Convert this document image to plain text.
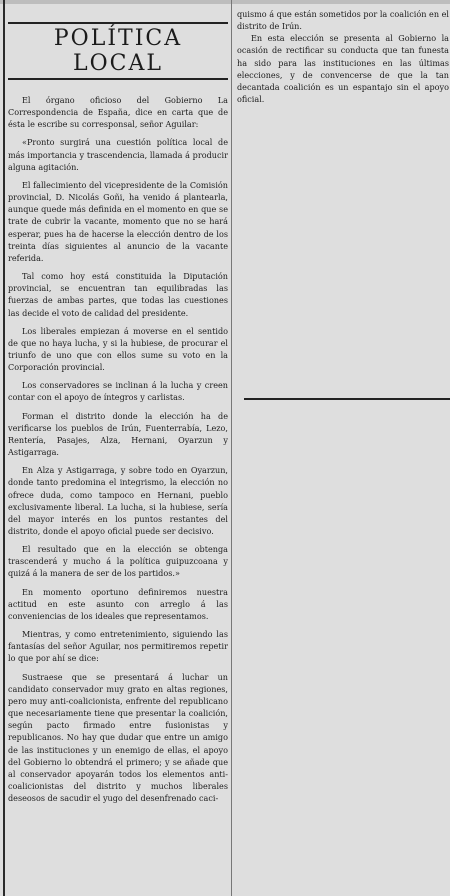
POLÍTICA LOCAL

El órgano oficioso del Gobierno La Correspondencia de España, dice en carta que de ésta le escribe su corresponsal, señor Aguilar:

«Pronto surgirá una cuestión política local de más importancia y trascendencia, llamada á producir alguna agitación.

El fallecimiento del vicepresidente de la Comisión provincial, D. Nicolás Goñi, ha venido á plantearla, aunque quede más definida en el momento en que se trate de cubrir la vacante, momento que no se hará esperar, pues ha de hacerse la elección dentro de los treinta días siguientes al anuncio de la vacante referida.

Tal como hoy está constituida la Diputación provincial, se encuentran tan equilibradas las fuerzas de ambas partes, que todas las cuestiones las decide el voto de calidad del presidente.

Los liberales empiezan á moverse en el sentido de que no haya lucha, y si la hubiese, de procurar el triunfo de uno que con ellos sume su voto en la Corporación provincial.

Los conservadores se inclinan á la lucha y creen contar con el apoyo de íntegros y carlistas.

Forman el distrito donde la elección ha de verificarse los pueblos de Irún, Fuenterrabía, Lezo, Rentería, Pasajes, Alza, Hernani, Oyarzun y Astigarraga.

En Alza y Astigarraga, y sobre todo en Oyarzun, donde tanto predomina el integrismo, la elección no ofrece duda, como tampoco en Hernani, pueblo exclusivamente liberal. La lucha, si la hubiese, sería del mayor interés en los puntos restantes del distrito, donde el apoyo oficial puede ser decisivo.

El resultado que en la elección se obtenga trascenderá y mucho á la política guipuzcoana y quizá á la manera de ser de los partidos.»

En momento oportuno definiremos nuestra actitud en este asunto con arreglo á las conveniencias de los ideales que representamos.

Mientras, y como entretenimiento, siguiendo las fantasías del señor Aguilar, nos permitiremos repetir lo que por ahí se dice:

Sustraese que se presentará á luchar un candidato conservador muy grato en altas regiones, pero muy anti-coalicionista, enfrente del republicano que necesariamente tiene que presentar la coalición, según pacto firmado entre fusionistas y republicanos. No hay que dudar que entre un amigo de las instituciones y un enemigo de ellas, el apoyo del Gobierno lo obtendrá el primero; y se añade que al conservador apoyarán todos los elementos anti-coalicionistas del distrito y muchos liberales deseosos de sacudir el yugo del desenfrenado caci-

quismo á que están sometidos por la coalición en el distrito de Irún.

En esta elección se presenta al Gobierno la ocasión de rectificar su conducta que tan funesta ha sido para las instituciones en las últimas elecciones, y de convencerse de que la tan decantada coalición es un espantajo sin el apoyo oficial.
